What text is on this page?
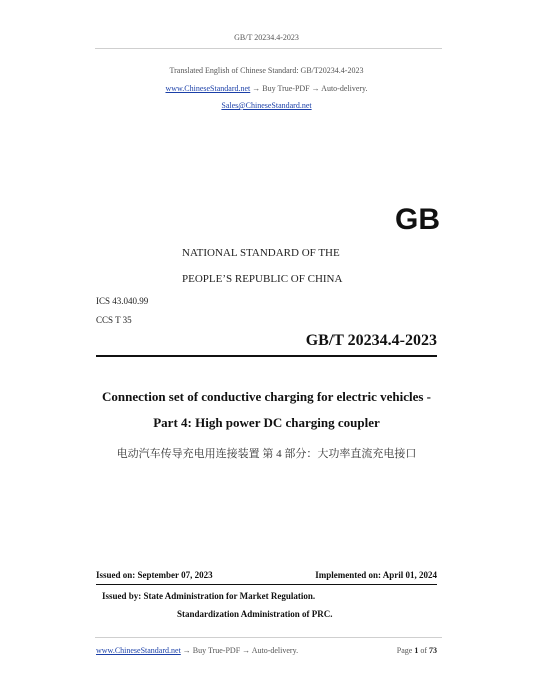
GB/T 20234.4-2023
Translated English of Chinese Standard: GB/T20234.4-2023
www.ChineseStandard.net → Buy True-PDF → Auto-delivery.
Sales@ChineseStandard.net
GB
NATIONAL STANDARD OF THE
PEOPLE’S REPUBLIC OF CHINA
ICS 43.040.99
CCS T 35
GB/T 20234.4-2023
Connection set of conductive charging for electric vehicles -
Part 4: High power DC charging coupler
电动汽车传导充电用连接装置 第 4 部分：大功率直流充电接口
Issued on: September 07, 2023	Implemented on: April 01, 2024
Issued by: State Administration for Market Regulation.
Standardization Administration of PRC.
www.ChineseStandard.net → Buy True-PDF → Auto-delivery.	Page 1 of 73
